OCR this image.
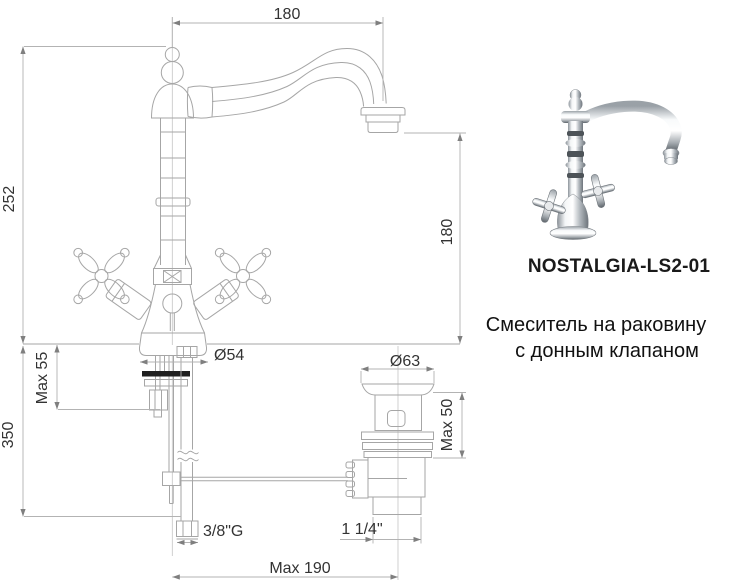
180
252
180
Ø54
Max 55
350
3/8"G
Ø63
Max 50
1 1/4"
Max 190
NOSTALGIA-LS2-01
Смеситель на раковину
с донным клапаном
